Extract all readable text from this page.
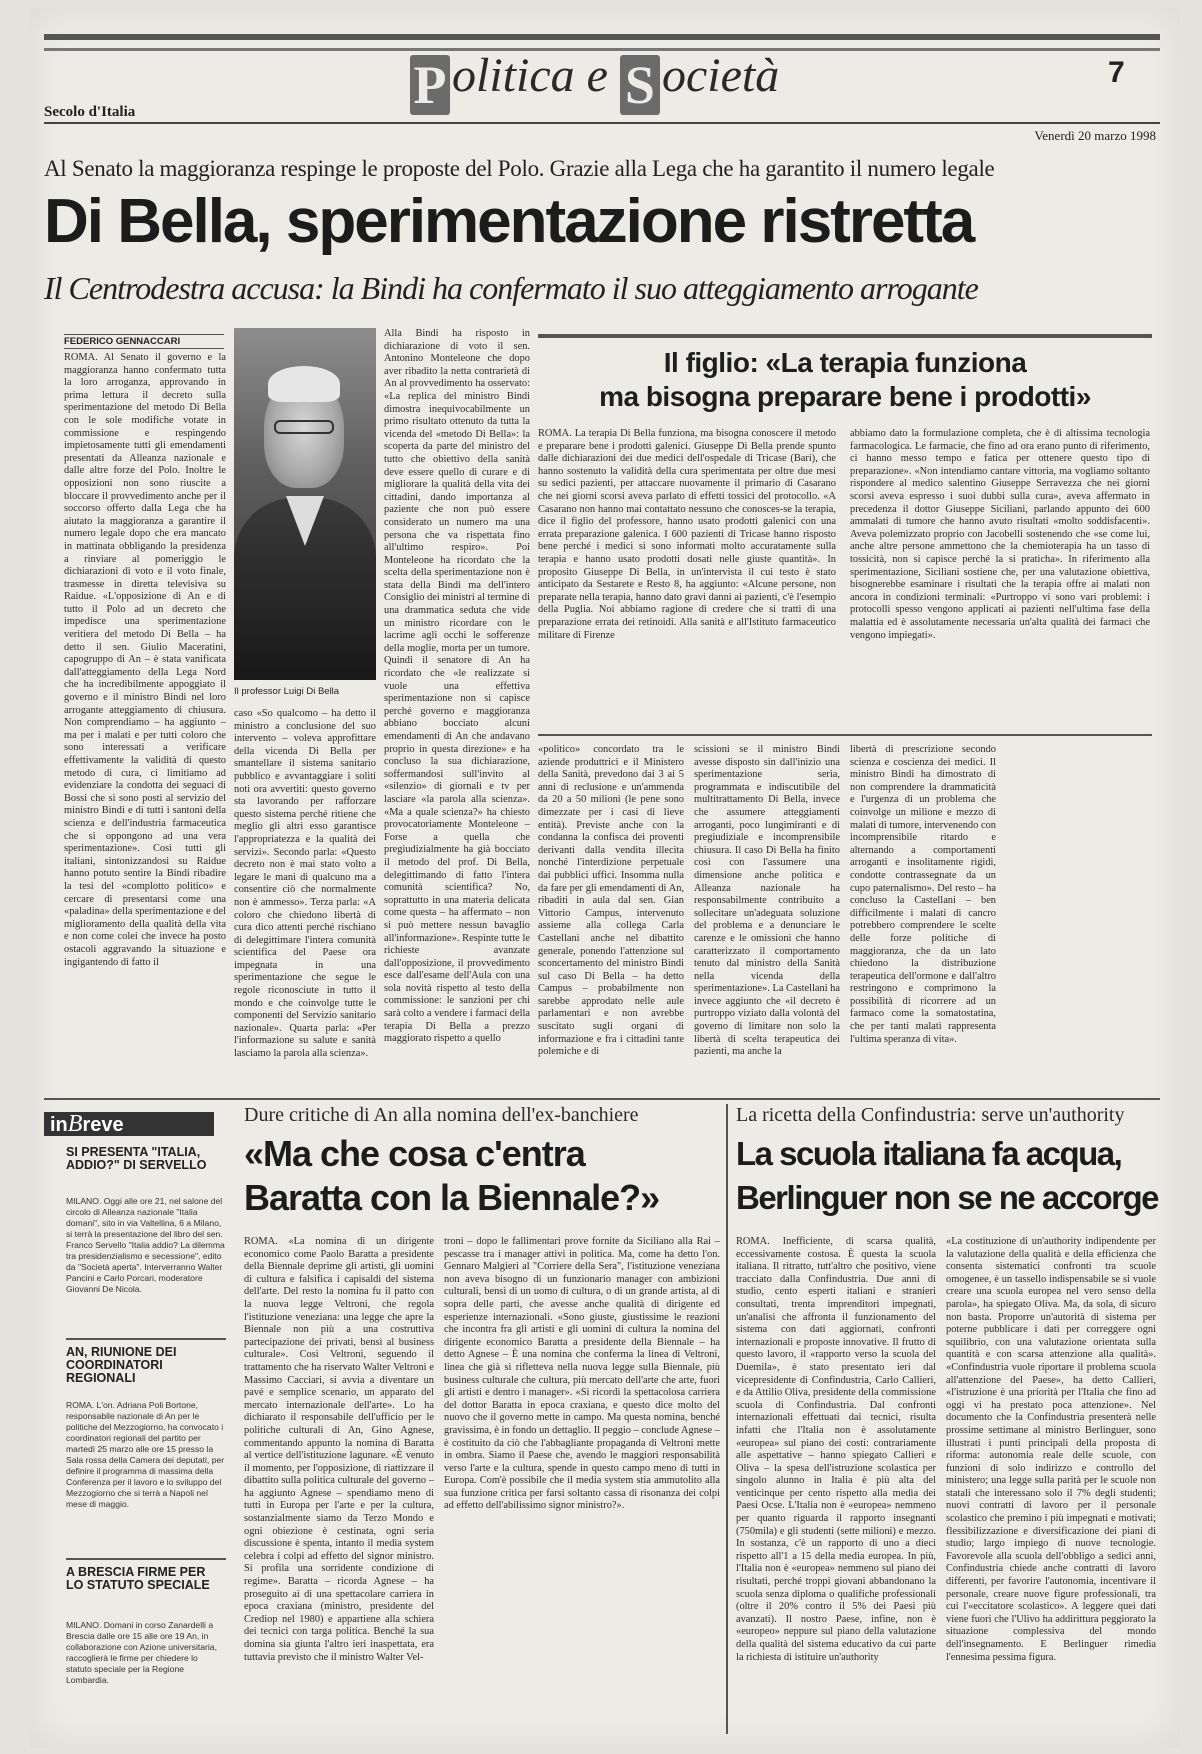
P olitica e S ocietà	7
Secolo d'Italia
Venerdì 20 marzo 1998
Al Senato la maggioranza respinge le proposte del Polo. Grazie alla Lega che ha garantito il numero legale
Di Bella, sperimentazione ristretta
Il Centrodestra accusa: la Bindi ha confermato il suo atteggiamento arrogante
FEDERICO GENNACCARI

ROMA. Al Senato il governo e la maggioranza hanno confermato tutta la loro arroganza, approvando in prima lettura il decreto sulla sperimentazione del metodo Di Bella con le sole modifiche votate in commissione e respingendo impietosamente tutti gli emendamenti presentati da Alleanza nazionale e dalle altre forze del Polo. Inoltre le opposizioni non sono riuscite a bloccare il provvedimento anche per il soccorso offerto dalla Lega che ha aiutato la maggioranza a garantire il numero legale dopo che era mancato in mattinata obbligando la presidenza a rinviare al pomeriggio le dichiarazioni di voto e il voto finale, trasmesse in diretta televisiva su Raidue. «L'opposizione di An e di tutto il Polo ad un decreto che impedisce una sperimentazione veritiera del metodo Di Bella – ha detto il sen. Giulio Maceratini, capogruppo di An – è stata vanificata dall'atteggiamento della Lega Nord che ha incredibilmente appoggiato il governo e il ministro Bindi nel loro arrogante atteggiamento di chiusura. Non comprendiamo – ha aggiunto – ma per i malati e per tutti coloro che sono interessati a verificare effettivamente la validità di questo metodo di cura, ci limitiamo ad evidenziare la condotta dei seguaci di Bossi che si sono posti al servizio del ministro Bindi e di tutti i santoni della scienza e dell'industria farmaceutica che si oppongono ad una vera sperimentazione». Così tutti gli italiani, sintonizzandosi su Raidue hanno potuto sentire la Bindi ribadire la tesi del «complotto politico» e cercare di presentarsi come una «paladina» della sperimentazione e del miglioramento della qualità della vita e non come colei che invece ha posto ostacoli aggravando la situazione e ingigantendo di fatto il

Il professor Luigi Di Bella

caso «So qualcomo – ha detto il ministro a conclusione del suo intervento – voleva approfittare della vicenda Di Bella per smantellare il sistema sanitario pubblico e avvantaggiare i soliti noti ora avvertiti: questo governo sta lavorando per rafforzare questo sistema perché ritiene che meglio gli altri esso garantisce l'appropriatezza e la qualità dei servizi». Secondo parla: «Questo decreto non è mai stato volto a legare le mani di qualcuno ma a consentire ciò che normalmente non è ammesso». Terza parla: «A coloro che chiedono libertà di cura dico attenti perché rischiano di delegittimare l'intera comunità scientifica del Paese ora impegnata in una sperimentazione che segue le regole riconosciute in tutto il mondo e che coinvolge tutte le componenti del Servizio sanitario nazionale». Quarta parla: «Per l'informazione su salute e sanità lasciamo la parola alla scienza».

Alla Bindi ha risposto in dichiarazione di voto il sen. Antonino Monteleone che dopo aver ribadito la netta contrarietà di An al provvedimento ha osservato: «La replica del ministro Bindi dimostra inequivocabilmente un primo risultato ottenuto da tutta la vicenda del «metodo Di Bella»: la scoperta da parte del ministro del tutto che obiettivo della sanità deve essere quello di curare e di migliorare la qualità della vita dei cittadini, dando importanza al paziente che non può essere considerato un numero ma una persona che va rispettata fino all'ultimo respiro». Poi Monteleone ha ricordato che la scelta della sperimentazione non è stata della Bindi ma dell'intero Consiglio dei ministri al termine di una drammatica seduta che vide un ministro ricordare con le lacrime agli occhi le sofferenze della moglie, morta per un tumore. Quindi il senatore di An ha ricordato che «le realizzate si vuole una effettiva sperimentazione non si capisce perché governo e maggioranza abbiano bocciato alcuni emendamenti di An che andavano proprio in questa direzione» e ha concluso la sua dichiarazione, soffermandosi sull'invito al «silenzio» di giornali e tv per lasciare «la parola alla scienza». «Ma a quale scienza?» ha chiesto provocatoriamente Monteleone – Forse a quella che pregiudizialmente ha già bocciato il metodo del prof. Di Bella, delegittimando di fatto l'intera comunità scientifica? No, soprattutto in una materia delicata come questa – ha affermato – non si può mettere nessun bavaglio all'informazione». Respinte tutte le richieste avanzate dall'opposizione, il provvedimento esce dall'esame dell'Aula con una sola novità rispetto al testo della commissione: le sanzioni per chi sarà colto a vendere i farmaci della terapia Di Bella a prezzo maggiorato rispetto a quello

Il figlio: «La terapia funziona
ma bisogna preparare bene i prodotti»

ROMA. La terapia Di Bella funziona, ma bisogna conoscere il metodo e preparare bene i prodotti galenici. Giuseppe Di Bella prende spunto dalle dichiarazioni dei due medici dell'ospedale di Tricase (Bari), che hanno sostenuto la validità della cura sperimentata per oltre due mesi su sedici pazienti, per attaccare nuovamente il primario di Casarano che nei giorni scorsi aveva parlato di effetti tossici del protocollo. «A Casarano non hanno mai contattato nessuno che conosces-se la terapia, dice il figlio del professore, hanno usato prodotti galenici con una errata preparazione galenica. I 600 pazienti di Tricase hanno risposto bene perché i medici si sono informati molto accuratamente sulla terapia e hanno usato prodotti dosati nelle giuste quantità». In proposito Giuseppe Di Bella, in un'intervista il cui testo è stato anticipato da Sestarete e Resto 8, ha aggiunto: «Alcune persone, non preparate nella terapia, hanno dato gravi danni ai pazienti, c'è l'esempio della Puglia. Noi abbiamo ragione di credere che si tratti di una preparazione errata dei retinoidi. Alla sanità e all'Istituto farmaceutico militare di Firenze

abbiamo dato la formulazione completa, che è di altissima tecnologia farmacologica. Le farmacie, che fino ad ora erano punto di riferimento, ci hanno messo tempo e fatica per ottenere questo tipo di preparazione». «Non intendiamo cantare vittoria, ma vogliamo soltanto rispondere al medico salentino Giuseppe Serravezza che nei giorni scorsi aveva espresso i suoi dubbi sulla cura», aveva affermato in precedenza il dottor Giuseppe Siciliani, parlando appunto dei 600 ammalati di tumore che hanno avuto risultati «molto soddisfacenti». Aveva polemizzato proprio con Jacobelli sostenendo che «se come lui, anche altre persone ammettono che la chemioterapia ha un tasso di tossicità, non si capisce perché la si praticha». In riferimento alla sperimentazione, Siciliani sostiene che, per una valutazione obiettiva, bisognerebbe esaminare i risultati che la terapia offre ai malati non ancora in condizioni terminali: «Purtroppo vi sono vari problemi: i protocolli spesso vengono applicati ai pazienti nell'ultima fase della malattia ed è assolutamente necessaria un'alta qualità dei farmaci che vengono impiegati».

«politico» concordato tra le aziende produttrici e il Ministero della Sanità, prevedono dai 3 ai 5 anni di reclusione e un'ammenda da 20 a 50 milioni (le pene sono dimezzate per i casi di lieve entità). Previste anche con la condanna la confisca dei proventi derivanti dalla vendita illecita nonché l'interdizione perpetuale dai pubblici uffici. Insomma nulla da fare per gli emendamenti di An, ribaditi in aula dal sen. Gian Vittorio Campus, intervenuto assieme alla collega Carla Castellani anche nel dibattito generale, ponendo l'attenzione sul sconcertamento del ministro Bindi sul caso Di Bella – ha detto Campus – probabilmente non sarebbe approdato nelle aule parlamentari e non avrebbe suscitato sugli organi di informazione e fra i cittadini tante polemiche e di

scissioni se il ministro Bindi avesse disposto sin dall'inizio una sperimentazione seria, programmata e indiscutibile del multitrattamento Di Bella, invece che assumere atteggiamenti arroganti, poco lungimiranti e di pregiudiziale e incomprensibile chiusura. Il caso Di Bella ha finito così con l'assumere una dimensione anche politica e Alleanza nazionale ha responsabilmente contribuito a sollecitare un'adeguata soluzione del problema e a denunciare le carenze e le omissioni che hanno caratterizzato il comportamento tenuto dal ministro della Sanità nella vicenda della sperimentazione». La Castellani ha invece aggiunto che «il decreto è purtroppo viziato dalla volontà del governo di limitare non solo la libertà di scelta terapeutica dei pazienti, ma anche la

libertà di prescrizione secondo scienza e coscienza dei medici. Il ministro Bindi ha dimostrato di non comprendere la drammaticità e l'urgenza di un problema che coinvolge un milione e mezzo di malati di tumore, intervenendo con incomprensibile ritardo e alternando a comportamenti arroganti e insolitamente rigidi, condotte contrassegnate da un cupo paternalismo». Del resto – ha concluso la Castellani – ben difficilmente i malati di cancro potrebbero comprendere le scelte delle forze politiche di maggioranza, che da un lato chiedono la distribuzione terapeutica dell'ormone e dall'altro restringono e comprimono la possibilità di ricorrere ad un farmaco come la somatostatina, che per tanti malati rappresenta l'ultima speranza di vita».

inBreve
SI PRESENTA "ITALIA, ADDIO?" DI SERVELLO
MILANO. Oggi alle ore 21, nel salone del circolo di Alleanza nazionale "Italia domani", sito in via Valtellina, 6 a Milano, si terrà la presentazione del libro del sen. Franco Servello "Italia addio? La dilemma tra presidenzialismo e secessione", edito da "Società aperta". Interverranno Walter Pancini e Carlo Porcari, moderatore Giovanni De Nicola.
AN, RIUNIONE DEI COORDINATORI REGIONALI
ROMA. L'on. Adriana Poli Bortone, responsabile nazionale di An per le politiche del Mezzogiorno, ha convocato i coordinatori regionali del partito per martedì 25 marzo alle ore 15 presso la Sala rossa della Camera dei deputati, per definire il programma di massima della Conferenza per il lavoro e lo sviluppo del Mezzogiorno che si terrà a Napoli nel mese di maggio.
A BRESCIA FIRME PER LO STATUTO SPECIALE
MILANO. Domani in corso Zanardelli a Brescia dalle ore 15 alle ore 19 An, in collaborazione con Azione universitaria, raccoglierà le firme per chiedere lo statuto speciale per la Regione Lombardia.
Dure critiche di An alla nomina dell'ex-banchiere
«Ma che cosa c'entra
Baratta con la Biennale?»

ROMA. «La nomina di un dirigente economico come Paolo Baratta a presidente della Biennale deprime gli artisti, gli uomini di cultura e falsifica i capisaldi del sistema dell'arte. Del resto la nomina fu il patto con la nuova legge Veltroni, che regola l'istituzione veneziana: una legge che apre la Biennale non più a una costruttiva partecipazione dei privati, bensì al business culturale». Così Veltroni, seguendo il trattamento che ha riservato Walter Veltroni e Massimo Cacciari, si avvia a diventare un pavé e semplice scenario, un apparato del mercato internazionale dell'arte». Lo ha dichiarato il responsabile dell'ufficio per le politiche culturali di An, Gino Agnese, commentando appunto la nomina di Baratta al vertice dell'istituzione lagunare. «È venuto il momento, per l'opposizione, di riattizzare il dibattito sulla politica culturale del governo – ha aggiunto Agnese – spendiamo meno di tutti in Europa per l'arte e per la cultura, sostanzialmente siamo da Terzo Mondo e ogni obiezione è cestinata, ogni seria discussione è spenta, intanto il media system celebra i colpi ad effetto del signor ministro. Si profila una sorridente condizione di regime». Baratta – ricorda Agnese – ha proseguito ai di una spettacolare carriera in epoca craxiana (ministro, presidente del Crediop nel 1980) e appartiene alla schiera dei tecnici con targa politica. Benché la sua domina sia giunta l'altro ieri inaspettata, era tuttavia previsto che il ministro Walter Vel-

troni – dopo le fallimentari prove fornite da Siciliano alla Rai – pescasse tra i manager attivi in politica. Ma, come ha detto l'on. Gennaro Malgieri al "Corriere della Sera", l'istituzione veneziana non aveva bisogno di un funzionario manager con ambizioni culturali, bensì di un uomo di cultura, o di un grande artista, al di sopra delle parti, che avesse anche qualità di dirigente ed esperienze internazionali. «Sono giuste, giustissime le reazioni che incontra fra gli artisti e gli uomini di cultura la nomina del dirigente economico Baratta a presidente della Biennale – ha detto Agnese – È una nomina che conferma la linea di Veltroni, linea che già si rifletteva nella nuova legge sulla Biennale, più business culturale che cultura, più mercato dell'arte che arte, fuori gli artisti e dentro i manager». «Si ricordi la spettacolosa carriera del dottor Baratta in epoca craxiana, e questo dice molto del nuovo che il governo mette in campo. Ma questa nomina, benché gravissima, è in fondo un dettaglio. Il peggio – conclude Agnese – è costituito da ciò che l'abbagliante propaganda di Veltroni mette in ombra. Siamo il Paese che, avendo le maggiori responsabilità verso l'arte e la cultura, spende in questo campo meno di tutti in Europa. Com'è possibile che il media system stia ammutolito alla sua funzione critica per farsi soltanto cassa di risonanza dei colpi ad effetto dell'abilissimo signor ministro?».

La ricetta della Confindustria: serve un'authority
La scuola italiana fa acqua,
Berlinguer non se ne accorge

ROMA. Inefficiente, di scarsa qualità, eccessivamente costosa. È questa la scuola italiana. Il ritratto, tutt'altro che positivo, viene tracciato dalla Confindustria. Due anni di studio, cento esperti italiani e stranieri consultati, trenta imprenditori impegnati, un'analisi che affronta il funzionamento del sistema con dati aggiornati, confronti internazionali e proposte innovative. Il frutto di questo lavoro, il «rapporto verso la scuola del Duemila», è stato presentato ieri dal vicepresidente di Confindustria, Carlo Callieri, e da Attilio Oliva, presidente della commissione scuola di Confindustria. Dal confronti internazionali effettuati dai tecnici, risulta infatti che l'Italia non è assolutamente «europea» sul piano dei costi: contrariamente alle aspettative – hanno spiegato Callieri e Oliva – la spesa dell'istruzione scolastica per singolo alunno in Italia è più alta del venticinque per cento rispetto alla media dei Paesi Ocse. L'Italia non è «europea» nemmeno per quanto riguarda il rapporto insegnanti (750mila) e gli studenti (sette milioni) e mezzo. In sostanza, c'è un rapporto di uno a dieci rispetto all'1 a 15 della media europea. In più, l'Italia non è «europea» nemmeno sul piano dei risultati, perché troppi giovani abbandonano la scuola senza diploma o qualifiche professionali (oltre il 20% contro il 5% dei Paesi più avanzati). Il nostro Paese, infine, non è «europeo» neppure sul piano della valutazione della qualità del sistema educativo da cui parte la richiesta di istituire un'authority

«La costituzione di un'authority indipendente per la valutazione della qualità e della efficienza che consenta sistematici confronti tra scuole omogenee, è un tassello indispensabile se si vuole creare una scuola europea nel vero senso della parola», ha spiegato Oliva. Ma, da sola, di sicuro non basta. Proporre un'autorità di sistema per poterne pubblicare i dati per correggere ogni squilibrio, con una valutazione orientata sulla quantità e con scarsa attenzione alla qualità». «Confindustria vuole riportare il problema scuola all'attenzione del Paese», ha detto Callieri, «l'istruzione è una priorità per l'Italia che fino ad oggi vi ha prestato poca attenzione». Nel documento che la Confindustria presenterà nelle prossime settimane al ministro Berlinguer, sono illustrati i punti principali della proposta di riforma: autonomia reale delle scuole, con funzioni di solo indirizzo e controllo del ministero; una legge sulla parità per le scuole non statali che interessano solo il 7% degli studenti; nuovi contratti di lavoro per il personale scolastico che premino i più impegnati e motivati; flessibilizzazione e diversificazione dei piani di studio; largo impiego di nuove tecnologie. Favorevole alla scuola dell'obbligo a sedici anni, Confindustria chiede anche contratti di lavoro differenti, per favorire l'autonomia, incentivare il personale, creare nuove figure professionali, tra cui l'«eccitatore scolastico». A leggere quei dati viene fuori che l'Ulivo ha addirittura peggiorato la situazione complessiva del mondo dell'insegnamento. E Berlinguer rimedia l'ennesima pessima figura.
